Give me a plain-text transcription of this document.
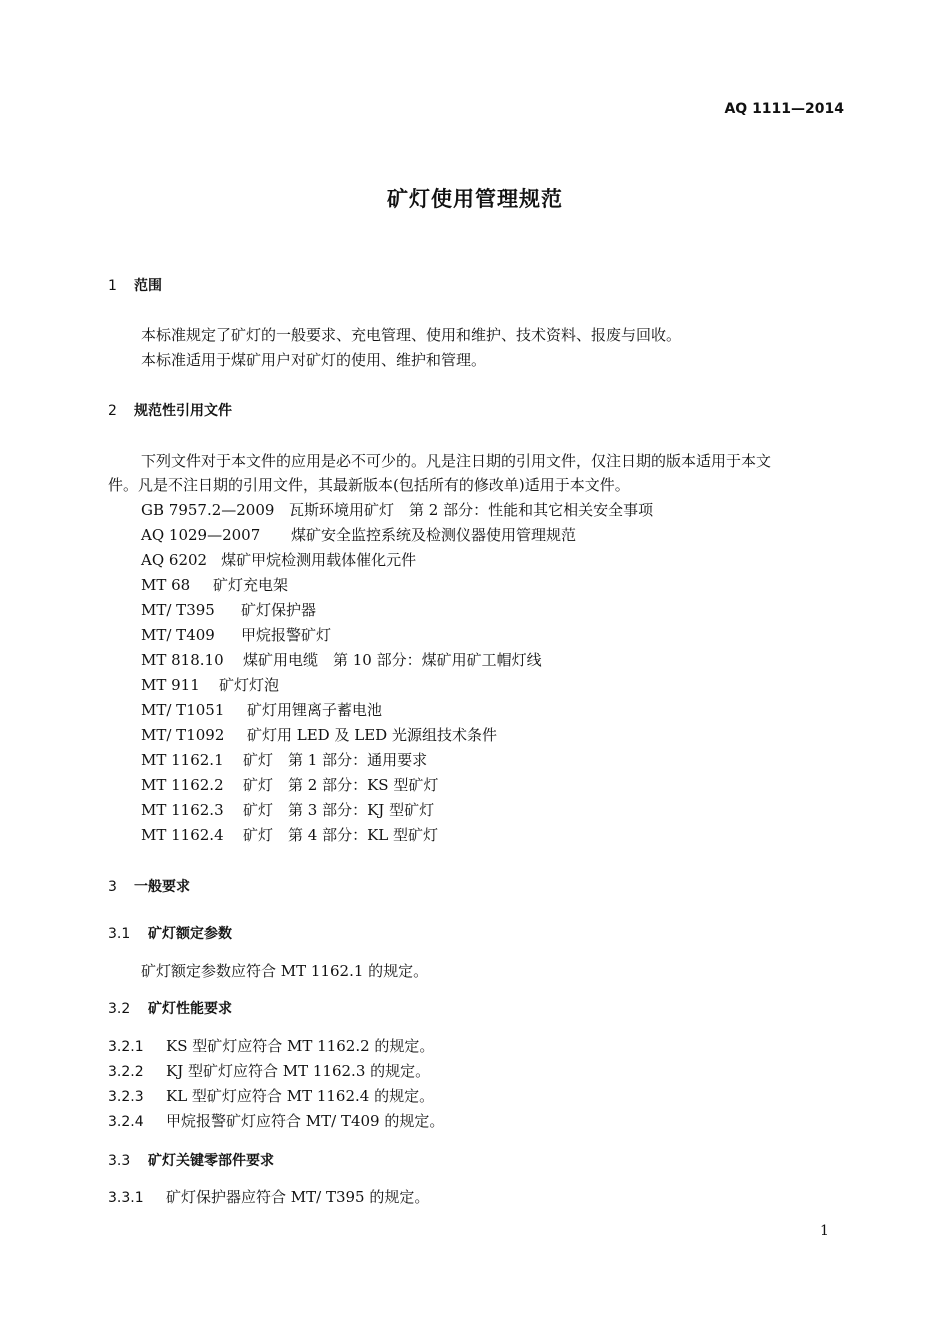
AQ 1111—2014
矿灯使用管理规范
1 范围
本标准规定了矿灯的一般要求、充电管理、使用和维护、技术资料、报废与回收。
本标准适用于煤矿用户对矿灯的使用、维护和管理。
2 规范性引用文件
下列文件对于本文件的应用是必不可少的。凡是注日期的引用文件，仅注日期的版本适用于本文
件。凡是不注日期的引用文件，其最新版本(包括所有的修改单)适用于本文件。
GB 7957.2—2009 瓦斯环境用矿灯　第 2 部分：性能和其它相关安全事项
AQ 1029—2007 煤矿安全监控系统及检测仪器使用管理规范
AQ 6202 煤矿甲烷检测用载体催化元件
MT 68 矿灯充电架
MT/ T395 矿灯保护器
MT/ T409 甲烷报警矿灯
MT 818.10 煤矿用电缆　第 10 部分：煤矿用矿工帽灯线
MT 911 矿灯灯泡
MT/ T1051 矿灯用锂离子蓄电池
MT/ T1092 矿灯用 LED 及 LED 光源组技术条件
MT 1162.1 矿灯　第 1 部分：通用要求
MT 1162.2 矿灯　第 2 部分：KS 型矿灯
MT 1162.3 矿灯　第 3 部分：KJ 型矿灯
MT 1162.4 矿灯　第 4 部分：KL 型矿灯
3 一般要求
3.1 矿灯额定参数
矿灯额定参数应符合 MT 1162.1 的规定。
3.2 矿灯性能要求
3.2.1 KS 型矿灯应符合 MT 1162.2 的规定。
3.2.2 KJ 型矿灯应符合 MT 1162.3 的规定。
3.2.3 KL 型矿灯应符合 MT 1162.4 的规定。
3.2.4 甲烷报警矿灯应符合 MT/ T409 的规定。
3.3 矿灯关键零部件要求
3.3.1 矿灯保护器应符合 MT/ T395 的规定。
1
